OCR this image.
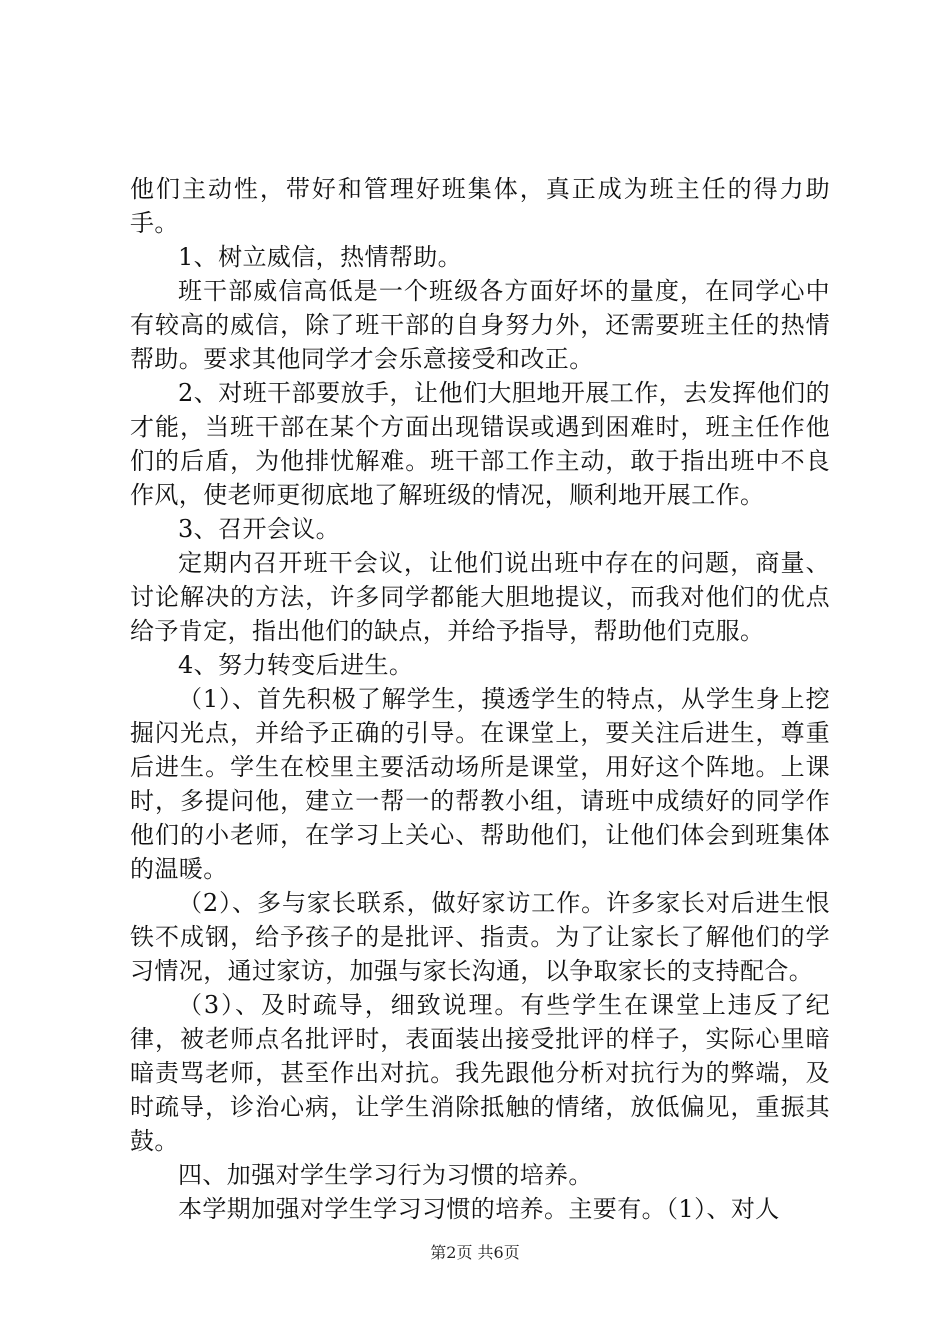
他们主动性，带好和管理好班集体，真正成为班主任的得力助手。

1、树立威信，热情帮助。

班干部威信高低是一个班级各方面好坏的量度，在同学心中有较高的威信，除了班干部的自身努力外，还需要班主任的热情帮助。要求其他同学才会乐意接受和改正。

2、对班干部要放手，让他们大胆地开展工作，去发挥他们的才能，当班干部在某个方面出现错误或遇到困难时，班主任作他们的后盾，为他排忧解难。班干部工作主动，敢于指出班中不良作风，使老师更彻底地了解班级的情况，顺利地开展工作。

3、召开会议。

定期内召开班干会议，让他们说出班中存在的问题，商量、讨论解决的方法，许多同学都能大胆地提议，而我对他们的优点给予肯定，指出他们的缺点，并给予指导，帮助他们克服。

4、努力转变后进生。

（1）、首先积极了解学生，摸透学生的特点，从学生身上挖掘闪光点，并给予正确的引导。在课堂上，要关注后进生，尊重后进生。学生在校里主要活动场所是课堂，用好这个阵地。上课时，多提问他，建立一帮一的帮教小组，请班中成绩好的同学作他们的小老师，在学习上关心、帮助他们，让他们体会到班集体的温暖。

（2）、多与家长联系，做好家访工作。许多家长对后进生恨铁不成钢，给予孩子的是批评、指责。为了让家长了解他们的学习情况，通过家访，加强与家长沟通，以争取家长的支持配合。

（3）、及时疏导，细致说理。有些学生在课堂上违反了纪律，被老师点名批评时，表面装出接受批评的样子，实际心里暗暗责骂老师，甚至作出对抗。我先跟他分析对抗行为的弊端，及时疏导，诊治心病，让学生消除抵触的情绪，放低偏见，重振其鼓。

四、加强对学生学习行为习惯的培养。

本学期加强对学生学习习惯的培养。主要有。（1）、对人

第2页 共6页
